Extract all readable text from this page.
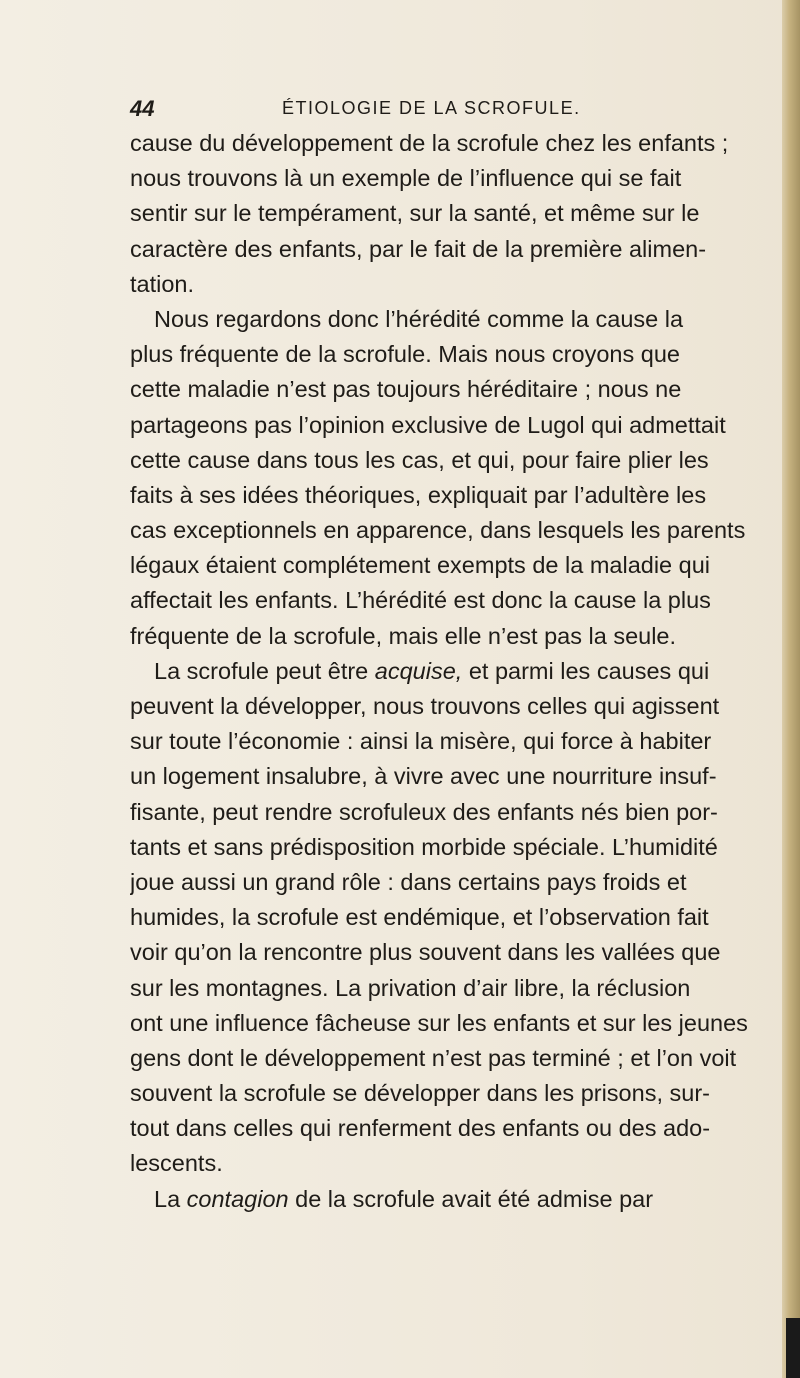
44	ÉTIOLOGIE DE LA SCROFULE.
cause du développement de la scrofule chez les enfants ;
nous trouvons là un exemple de l’influence qui se fait
sentir sur le tempérament, sur la santé, et même sur le
caractère des enfants, par le fait de la première alimen-
tation.
Nous regardons donc l’hérédité comme la cause la
plus fréquente de la scrofule. Mais nous croyons que
cette maladie n’est pas toujours héréditaire ; nous ne
partageons pas l’opinion exclusive de Lugol qui admettait
cette cause dans tous les cas, et qui, pour faire plier les
faits à ses idées théoriques, expliquait par l’adultère les
cas exceptionnels en apparence, dans lesquels les parents
légaux étaient complétement exempts de la maladie qui
affectait les enfants. L’hérédité est donc la cause la plus
fréquente de la scrofule, mais elle n’est pas la seule.
La scrofule peut être acquise, et parmi les causes qui
peuvent la développer, nous trouvons celles qui agissent
sur toute l’économie : ainsi la misère, qui force à habiter
un logement insalubre, à vivre avec une nourriture insuf-
fisante, peut rendre scrofuleux des enfants nés bien por-
tants et sans prédisposition morbide spéciale. L’humidité
joue aussi un grand rôle : dans certains pays froids et
humides, la scrofule est endémique, et l’observation fait
voir qu’on la rencontre plus souvent dans les vallées que
sur les montagnes. La privation d’air libre, la réclusion
ont une influence fâcheuse sur les enfants et sur les jeunes
gens dont le développement n’est pas terminé ; et l’on voit
souvent la scrofule se développer dans les prisons, sur-
tout dans celles qui renferment des enfants ou des ado-
lescents.
La contagion de la scrofule avait été admise par
